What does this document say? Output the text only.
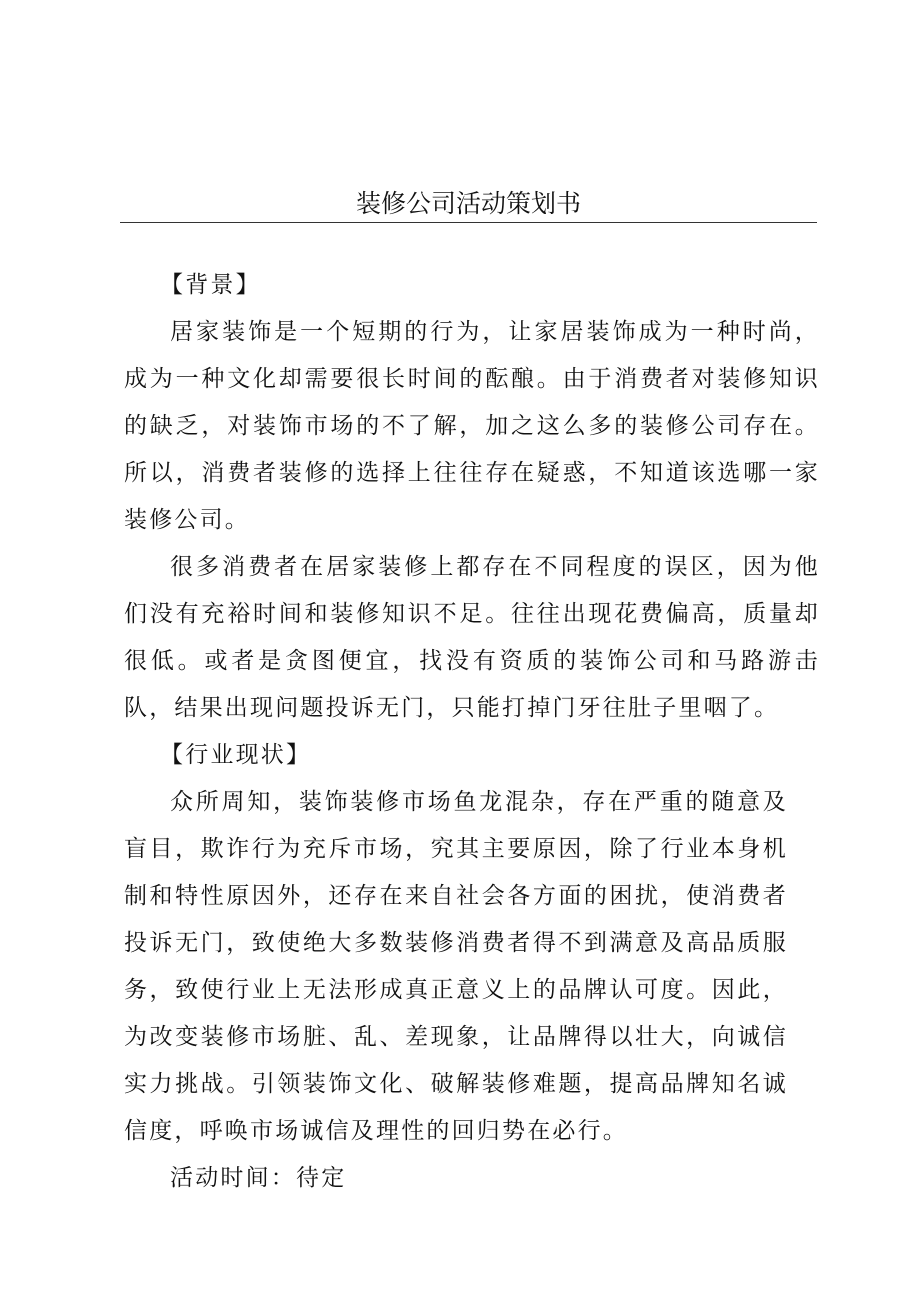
装修公司活动策划书

【背景】

居家装饰是一个短期的行为，让家居装饰成为一种时尚，成为一种文化却需要很长时间的酝酿。由于消费者对装修知识的缺乏，对装饰市场的不了解，加之这么多的装修公司存在。所以，消费者装修的选择上往往存在疑惑，不知道该选哪一家装修公司。

很多消费者在居家装修上都存在不同程度的误区，因为他们没有充裕时间和装修知识不足。往往出现花费偏高，质量却很低。或者是贪图便宜，找没有资质的装饰公司和马路游击队，结果出现问题投诉无门，只能打掉门牙往肚子里咽了。

【行业现状】

众所周知，装饰装修市场鱼龙混杂，存在严重的随意及盲目，欺诈行为充斥市场，究其主要原因，除了行业本身机制和特性原因外，还存在来自社会各方面的困扰，使消费者投诉无门，致使绝大多数装修消费者得不到满意及高品质服务，致使行业上无法形成真正意义上的品牌认可度。因此，为改变装修市场脏、乱、差现象，让品牌得以壮大，向诚信实力挑战。引领装饰文化、破解装修难题，提高品牌知名诚信度，呼唤市场诚信及理性的回归势在必行。

活动时间：待定
